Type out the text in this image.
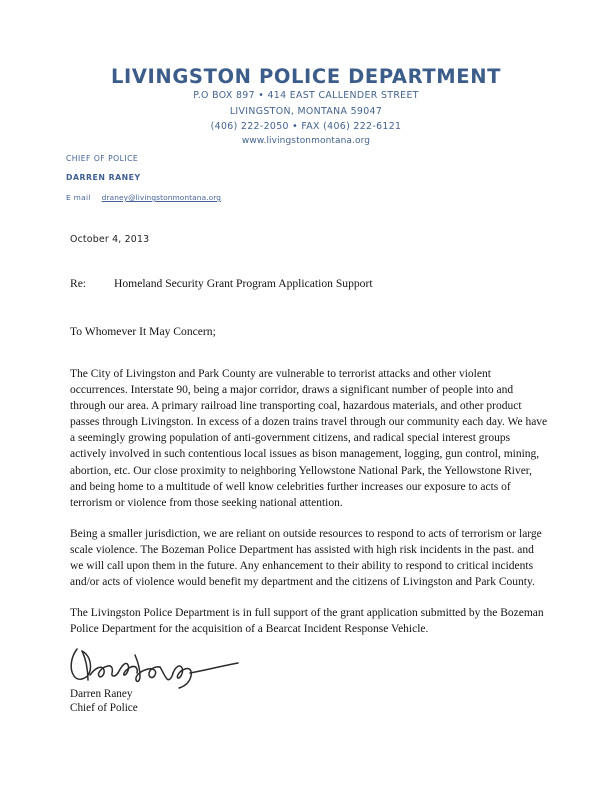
LIVINGSTON POLICE DEPARTMENT
P.O BOX 897 • 414 EAST CALLENDER STREET
LIVINGSTON, MONTANA 59047
(406) 222-2050 • FAX (406) 222-6121
www.livingstonmontana.org
CHIEF OF POLICE
DARREN RANEY
E mail draney@livingstonmontana.org
October 4, 2013
Re:	Homeland Security Grant Program Application Support
To Whomever It May Concern;

The City of Livingston and Park County are vulnerable to terrorist attacks and other violent occurrences. Interstate 90, being a major corridor, draws a significant number of people into and through our area. A primary railroad line transporting coal, hazardous materials, and other product passes through Livingston. In excess of a dozen trains travel through our community each day. We have a seemingly growing population of anti-government citizens, and radical special interest groups actively involved in such contentious local issues as bison management, logging, gun control, mining, abortion, etc. Our close proximity to neighboring Yellowstone National Park, the Yellowstone River, and being home to a multitude of well know celebrities further increases our exposure to acts of terrorism or violence from those seeking national attention.

Being a smaller jurisdiction, we are reliant on outside resources to respond to acts of terrorism or large scale violence. The Bozeman Police Department has assisted with high risk incidents in the past. and we will call upon them in the future. Any enhancement to their ability to respond to critical incidents and/or acts of violence would benefit my department and the citizens of Livingston and Park County.

The Livingston Police Department is in full support of the grant application submitted by the Bozeman Police Department for the acquisition of a Bearcat Incident Response Vehicle.

Darren Raney
Chief of Police
